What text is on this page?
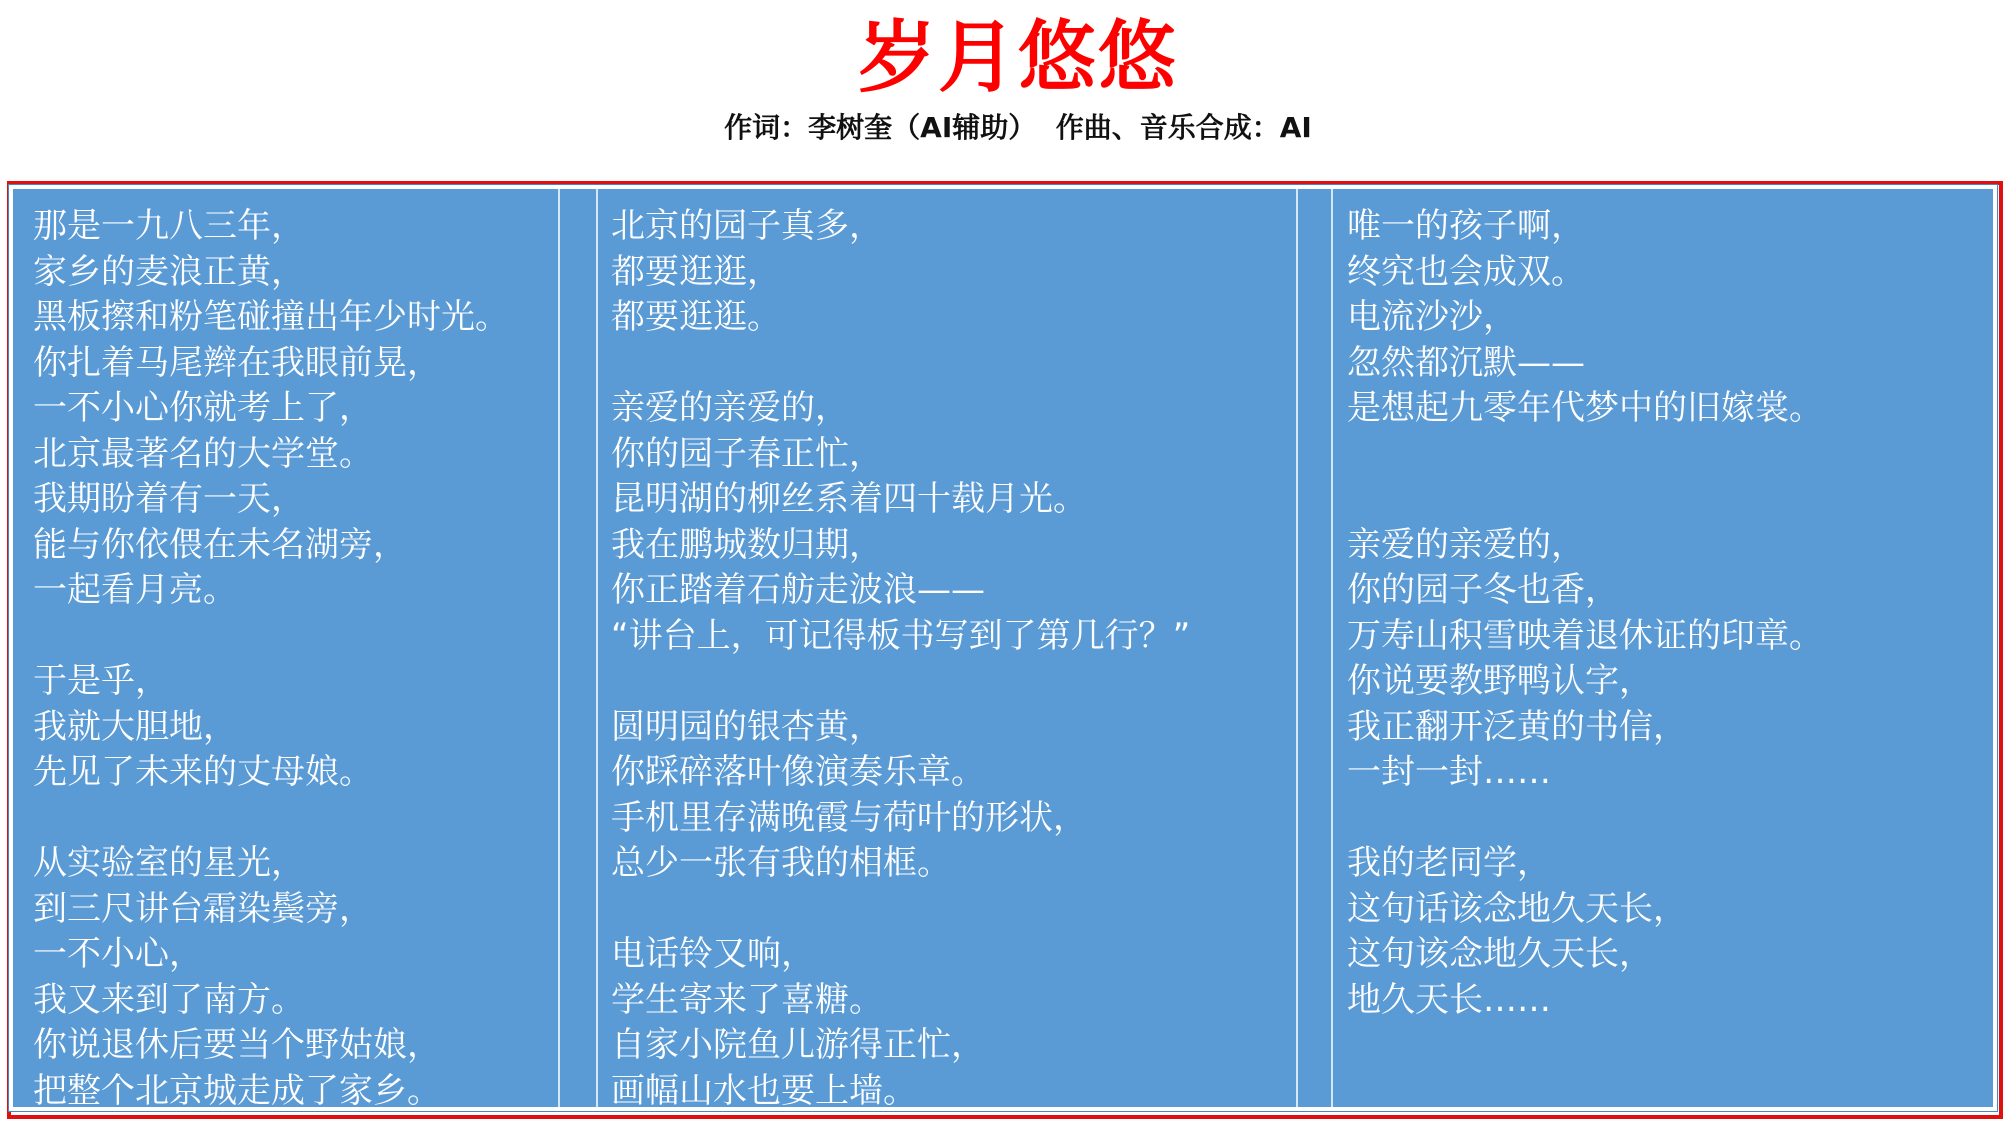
岁月悠悠
作词：李树奎（AI辅助）  作曲、音乐合成：AI
那是一九八三年，
家乡的麦浪正黄，
黑板擦和粉笔碰撞出年少时光。
你扎着马尾辫在我眼前晃，
一不小心你就考上了，
北京最著名的大学堂。
我期盼着有一天，
能与你依偎在未名湖旁，
一起看月亮。
于是乎，
我就大胆地，
先见了未来的丈母娘。
从实验室的星光，
到三尺讲台霜染鬓旁，
一不小心，
我又来到了南方。
你说退休后要当个野姑娘，
把整个北京城走成了家乡。
北京的园子真多，
都要逛逛，
都要逛逛。
亲爱的亲爱的，
你的园子春正忙，
昆明湖的柳丝系着四十载月光。
我在鹏城数归期，
你正踏着石舫走波浪——
“讲台上，可记得板书写到了第几行？”
圆明园的银杏黄，
你踩碎落叶像演奏乐章。
手机里存满晚霞与荷叶的形状，
总少一张有我的相框。
电话铃又响，
学生寄来了喜糖。
自家小院鱼儿游得正忙，
画幅山水也要上墙。
唯一的孩子啊，
终究也会成双。
电流沙沙，
忽然都沉默——
是想起九零年代梦中的旧嫁裳。
亲爱的亲爱的，
你的园子冬也香，
万寿山积雪映着退休证的印章。
你说要教野鸭认字，
我正翻开泛黄的书信，
一封一封……
我的老同学，
这句话该念地久天长，
这句该念地久天长，
地久天长……
